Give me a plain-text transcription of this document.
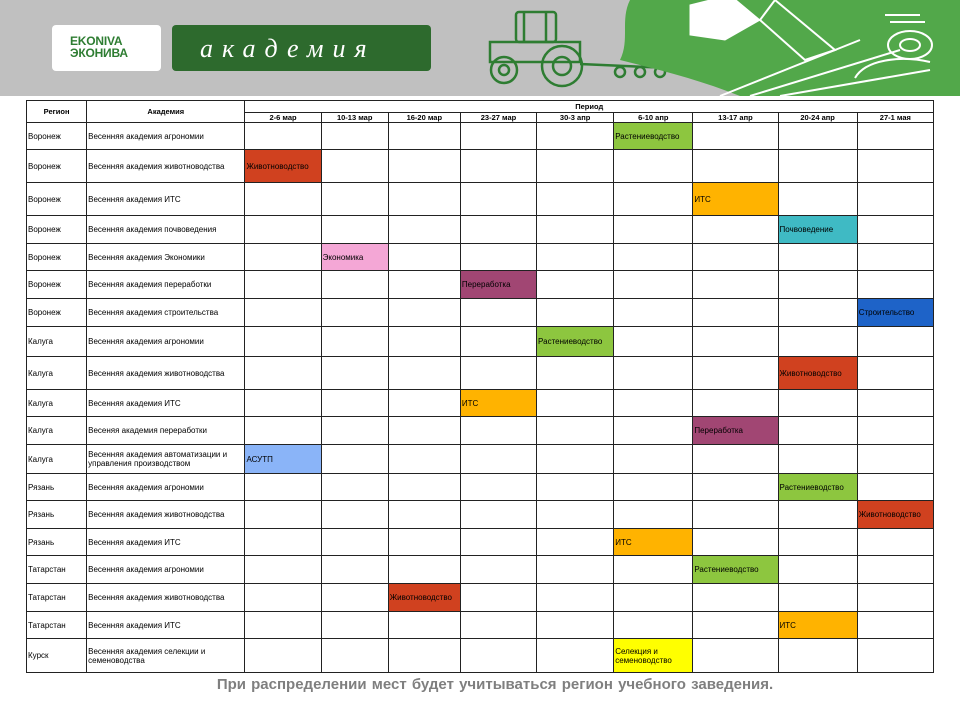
EKONIVA
ЭКОНИВА	академия
Регион	Академия	Период								
		2-6 мар	10-13 мар	16-20 мар	23-27 мар	30-3 апр	6-10 апр	13-17 апр	20-24 апр	27-1 мая
Воронеж	Весенняя академия агрономии						Растениеводство			

Воронеж	Весенняя академия животноводства	Животноводство								

Воронеж	Весенняя академия ИТС							ИТС		

Воронеж	Весенняя академия почвоведения								Почвоведение	

Воронеж	Весенняя академия Экономики		Экономика							

Воронеж	Весенняя академия переработки				Переработка					

Воронеж	Весенняя академия строительства									Строительство

Калуга	Весенняя академия агрономии					Растениеводство				

Калуга	Весенняя академия животноводства								Животноводство	

Калуга	Весенняя академия ИТС				ИТС					

Калуга	Весеняя академия переработки							Переработка		

Калуга	Весенняя академия автоматизации и управления производством	АСУТП								

Рязань	Весенняя академия агрономии								Растениеводство	

Рязань	Весенняя академия животноводства									Животноводство

Рязань	Весенняя академия ИТС						ИТС			

Татарстан	Весенняя академия агрономии							Растениеводство		

Татарстан	Весенняя академия животноводства			Животноводство						

Татарстан	Весенняя академия ИТС								ИТС	

Курск	Весенняя академия селекции и семеноводства						Селекция и семеноводство			

При распределении мест будет учитываться регион учебного заведения.
